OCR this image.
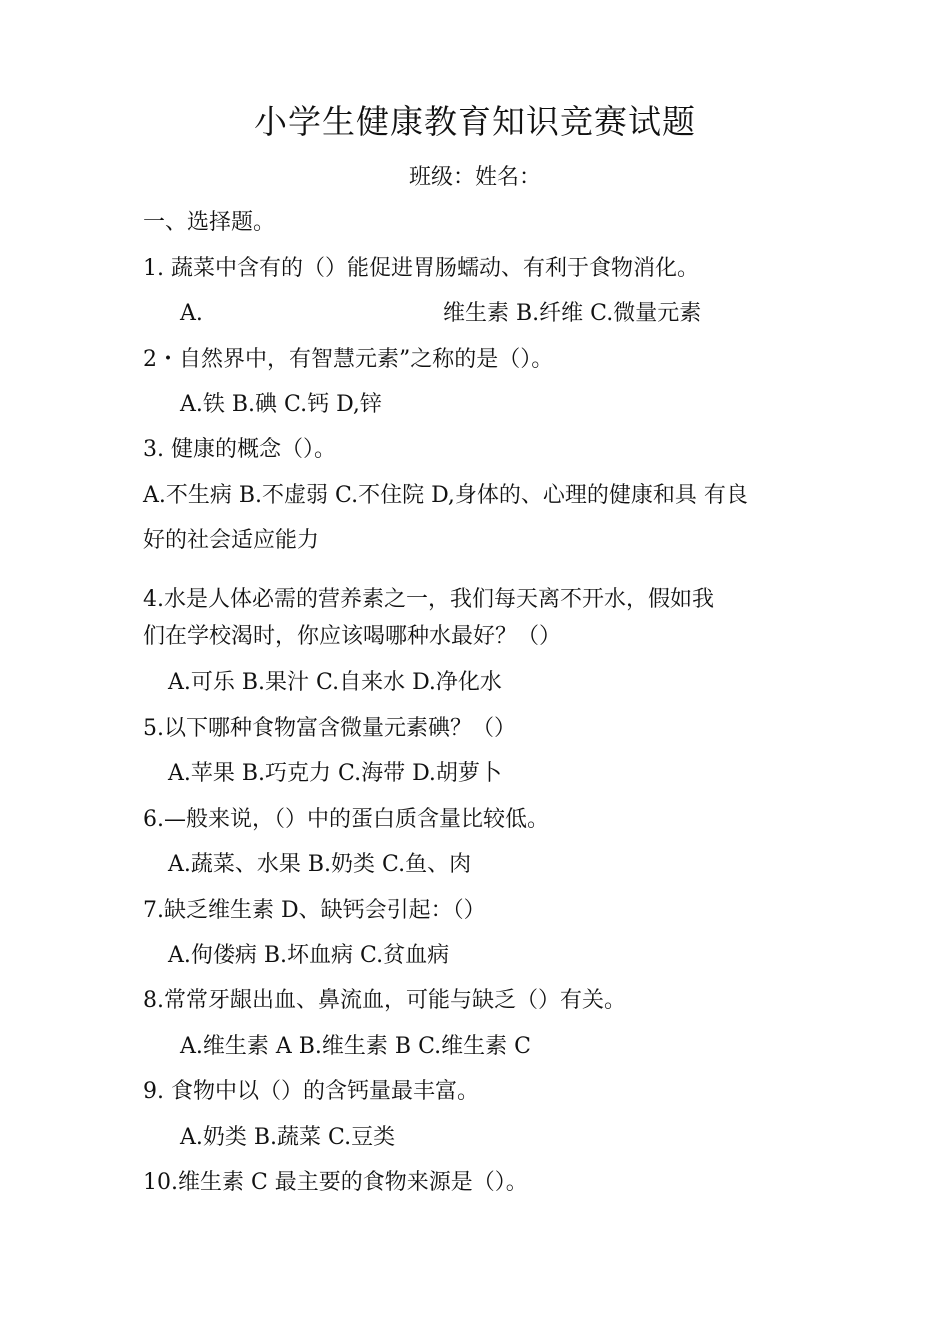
小学生健康教育知识竞赛试题
班级：姓名：
一、选择题。
1. 蔬菜中含有的（）能促进胃肠蠕动、有利于食物消化。
A.	维生素 B.纤维 C.微量元素
2・自然界中，有智慧元素”之称的是（）。
A.铁 B.碘 C.钙 D,锌
3. 健康的概念（）。
A.不生病 B.不虚弱 C.不住院 D,身体的、心理的健康和具 有良
好的社会适应能力
4.水是人体必需的营养素之一，我们每天离不开水，假如我
们在学校渴时，你应该喝哪种水最好？（）
A.可乐 B.果汁 C.自来水 D.净化水
5.以下哪种食物富含微量元素碘？（）
A.苹果 B.巧克力 C.海带 D.胡萝卜
6.—般来说，（）中的蛋白质含量比较低。
A.蔬菜、水果 B.奶类 C.鱼、肉
7.缺乏维生素 D、缺钙会引起：（）
A.佝偻病 B.坏血病 C.贫血病
8.常常牙龈出血、鼻流血，可能与缺乏（）有关。
A.维生素 A B.维生素 B C.维生素 C
9. 食物中以（）的含钙量最丰富。
A.奶类 B.蔬菜 C.豆类
10.维生素 C 最主要的食物来源是（）。
